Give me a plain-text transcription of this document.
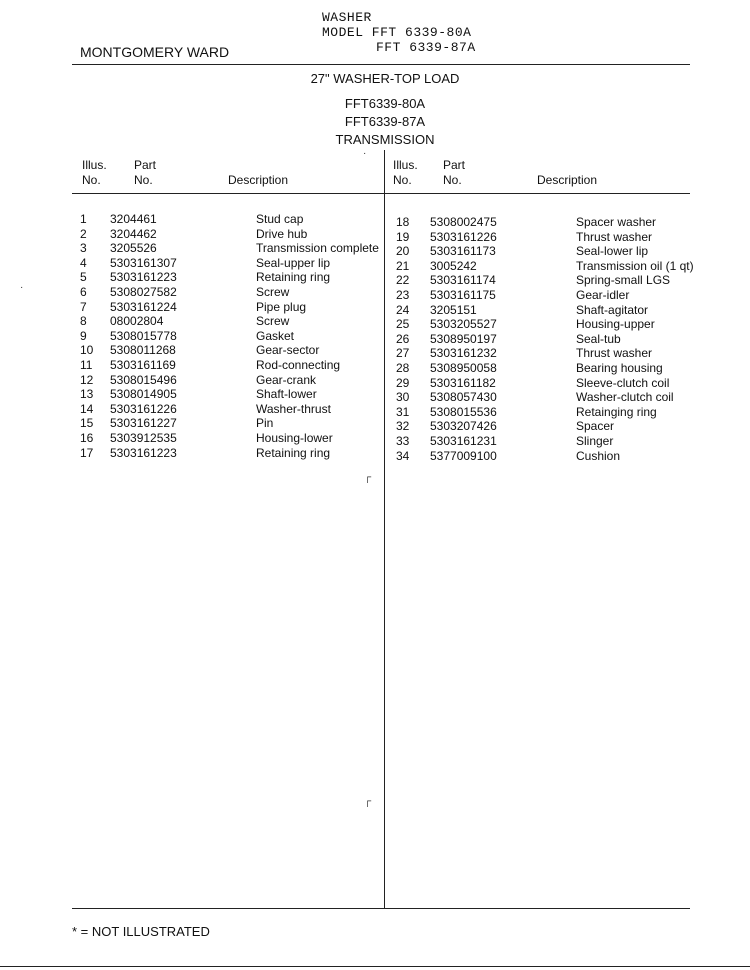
WASHER
MODEL FFT 6339-80A
FFT 6339-87A
MONTGOMERY WARD
27" WASHER-TOP LOAD
FFT6339-80A
FFT6339-87A
TRANSMISSION
Illus.
No.
Part
No.	Description
Illus.
No.
Part
No.	Description
1 3204461	Stud cap
2 3204462	Drive hub
3 3205526	Transmission complete
4 5303161307	Seal-upper lip
5 5303161223	Retaining ring
6 5308027582	Screw
7 5303161224	Pipe plug
8 08002804	Screw
9 5308015778	Gasket
10 5308011268	Gear-sector
11 5303161169	Rod-connecting
12 5308015496	Gear-crank
13 5308014905	Shaft-lower
14 5303161226	Washer-thrust
15 5303161227	Pin
16 5303912535	Housing-lower
17 5303161223	Retaining ring
18 5308002475	Spacer washer
19 5303161226	Thrust washer
20 5303161173	Seal-lower lip
21 3005242	Transmission oil (1 qt)
22 5303161174	Spring-small LGS
23 5303161175	Gear-idler
24 3205151	Shaft-agitator
25 5303205527	Housing-upper
26 5308950197	Seal-tub
27 5303161232	Thrust washer
28 5308950058	Bearing housing
29 5303161182	Sleeve-clutch coil
30 5308057430	Washer-clutch coil
31 5308015536	Retainging ring
32 5303207426	Spacer
33 5303161231	Slinger
34 5377009100	Cushion
·
┌
┌
·
* = NOT ILLUSTRATED
